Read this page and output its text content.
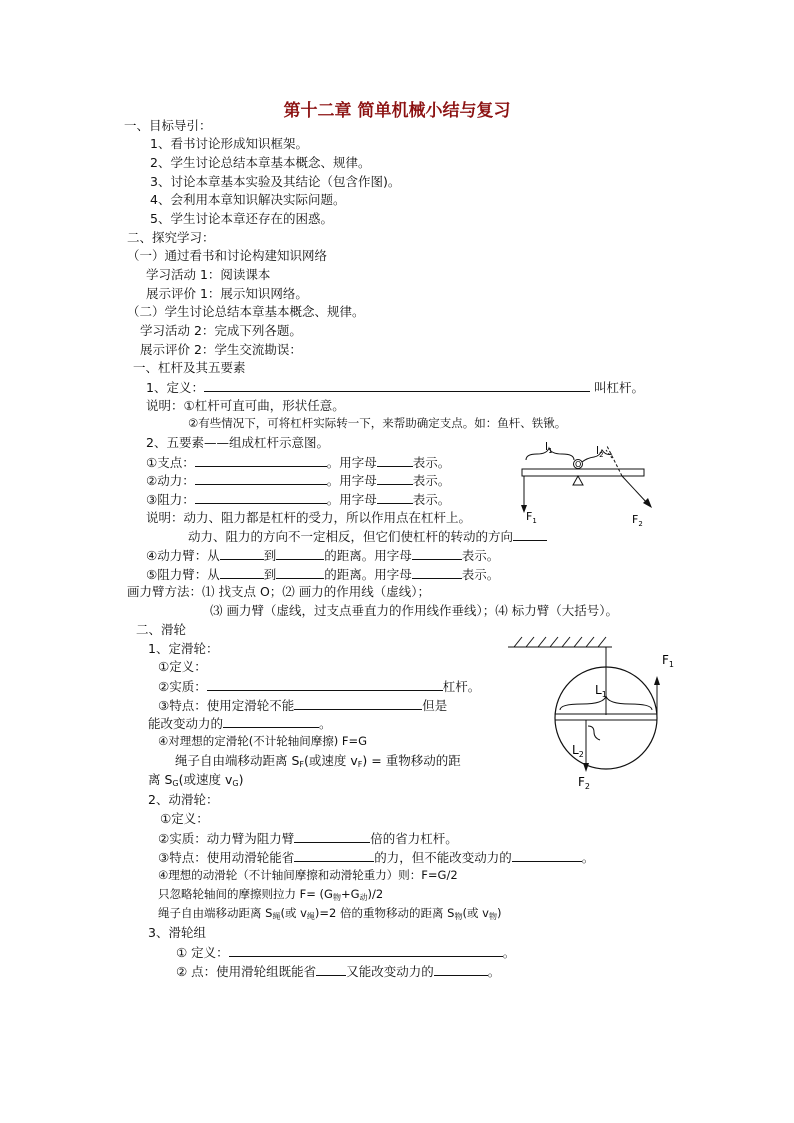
第十二章 简单机械小结与复习
一、目标导引：
1、看书讨论形成知识框架。
2、学生讨论总结本章基本概念、规律。
3、讨论本章基本实验及其结论（包含作图)。
4、会利用本章知识解决实际问题。
5、学生讨论本章还存在的困惑。
二、探究学习：
（一）通过看书和讨论构建知识网络
学习活动 1：阅读课本
展示评价 1：展示知识网络。
（二）学生讨论总结本章基本概念、规律。
学习活动 2：完成下列各题。
展示评价 2：学生交流勘误：
一、杠杆及其五要素
1、定义：	叫杠杆。
说明：①杠杆可直可曲，形状任意。
②有些情况下，可将杠杆实际转一下，来帮助确定支点。如：鱼杆、铁锹。
2、五要素——组成杠杆示意图。
①支点：	。用字母	表示。
②动力：	。用字母	表示。
③阻力：	。用字母	表示。
说明：动力、阻力都是杠杆的受力，所以作用点在杠杆上。
动力、阻力的方向不一定相反，但它们使杠杆的转动的方向
④动力臂：从	到	的距离。用字母	表示。
⑤阻力臂：从	到	的距离。用字母	表示。
画力臂方法：⑴ 找支点 O；⑵ 画力的作用线（虚线）；
⑶ 画力臂（虚线，过支点垂直力的作用线作垂线）；⑷ 标力臂（大括号）。
二、滑轮
1、定滑轮：
①定义：
②实质：	杠杆。
③特点：使用定滑轮不能	但是
能改变动力的	。
④对理想的定滑轮(不计轮轴间摩擦) F=G
绳子自由端移动距离 $S_F$(或速度 $v_F$) = 重物移动的距
离 $S_G$(或速度 $v_G$)
2、动滑轮：
①定义：
②实质：动力臂为阻力臂	倍的省力杠杆。
③特点：使用动滑轮能省	的力，但不能改变动力的	。
④理想的动滑轮（不计轴间摩擦和动滑轮重力）则：F=G/2
只忽略轮轴间的摩擦则拉力 $F= (G_物+G_动)/2$
绳子自由端移动距离 $S_绳$(或 $v_绳)=2$ 倍的重物移动的距离 $S_物$(或 $v_物$)
3、滑轮组
① 定义：	。
② 点：使用滑轮组既能省 又能改变动力的	。
$l_1$	$l_2$
O
$F_1$	$F_2$
$L_1$
$L_2$
$F_1$
$F_2$
